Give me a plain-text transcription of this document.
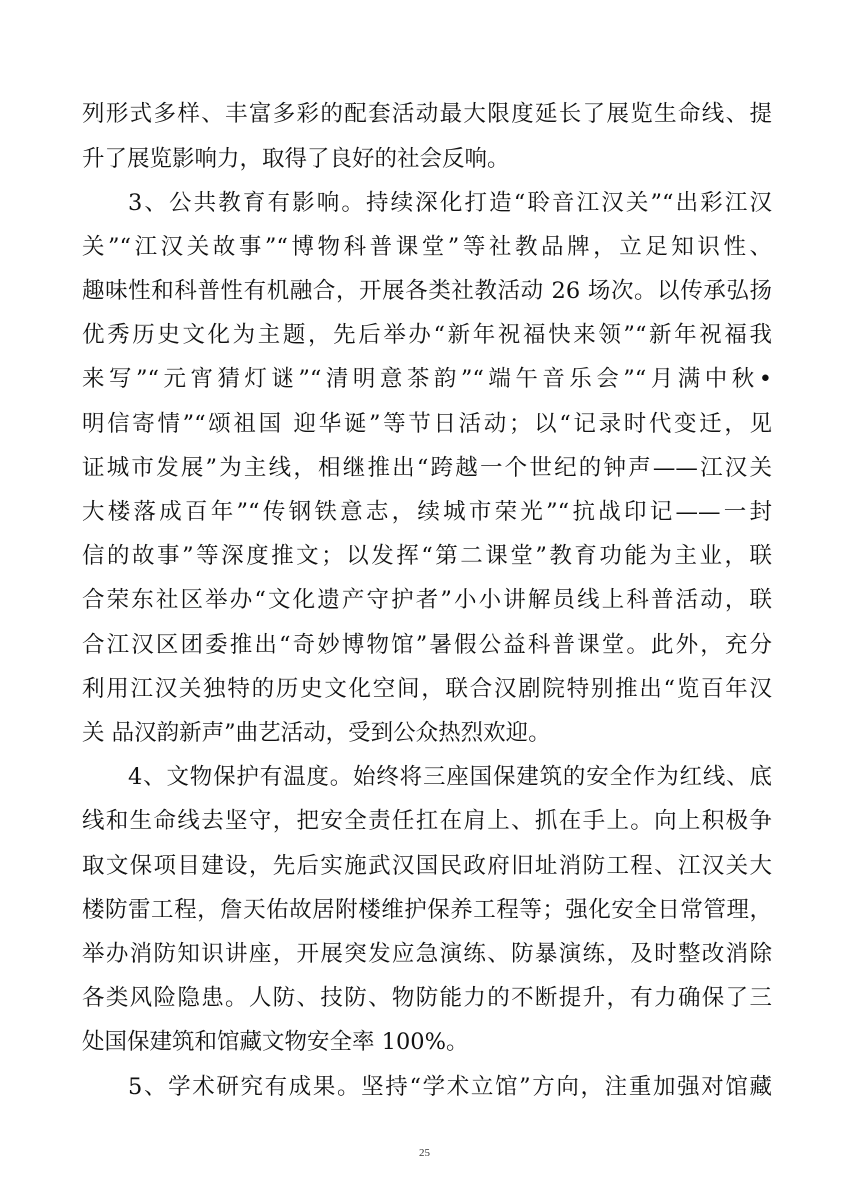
列形式多样、丰富多彩的配套活动最大限度延长了展览生命线、提
升了展览影响力，取得了良好的社会反响。
3、公共教育有影响。持续深化打造“聆音江汉关”“出彩江汉
关”“江汉关故事”“博物科普课堂”等社教品牌，立足知识性、
趣味性和科普性有机融合，开展各类社教活动 26 场次。以传承弘扬
优秀历史文化为主题，先后举办“新年祝福快来领”“新年祝福我
来写”“元宵猜灯谜”“清明意茶韵”“端午音乐会”“月满中秋•
明信寄情”“颂祖国 迎华诞”等节日活动；以“记录时代变迁，见
证城市发展”为主线，相继推出“跨越一个世纪的钟声——江汉关
大楼落成百年”“传钢铁意志，续城市荣光”“抗战印记——一封
信的故事”等深度推文；以发挥“第二课堂”教育功能为主业，联
合荣东社区举办“文化遗产守护者”小小讲解员线上科普活动，联
合江汉区团委推出“奇妙博物馆”暑假公益科普课堂。此外，充分
利用江汉关独特的历史文化空间，联合汉剧院特别推出“览百年汉
关 品汉韵新声”曲艺活动，受到公众热烈欢迎。
4、文物保护有温度。始终将三座国保建筑的安全作为红线、底
线和生命线去坚守，把安全责任扛在肩上、抓在手上。向上积极争
取文保项目建设，先后实施武汉国民政府旧址消防工程、江汉关大
楼防雷工程，詹天佑故居附楼维护保养工程等；强化安全日常管理，
举办消防知识讲座，开展突发应急演练、防暴演练，及时整改消除
各类风险隐患。人防、技防、物防能力的不断提升，有力确保了三
处国保建筑和馆藏文物安全率 100%。
5、学术研究有成果。坚持“学术立馆”方向，注重加强对馆藏
25
